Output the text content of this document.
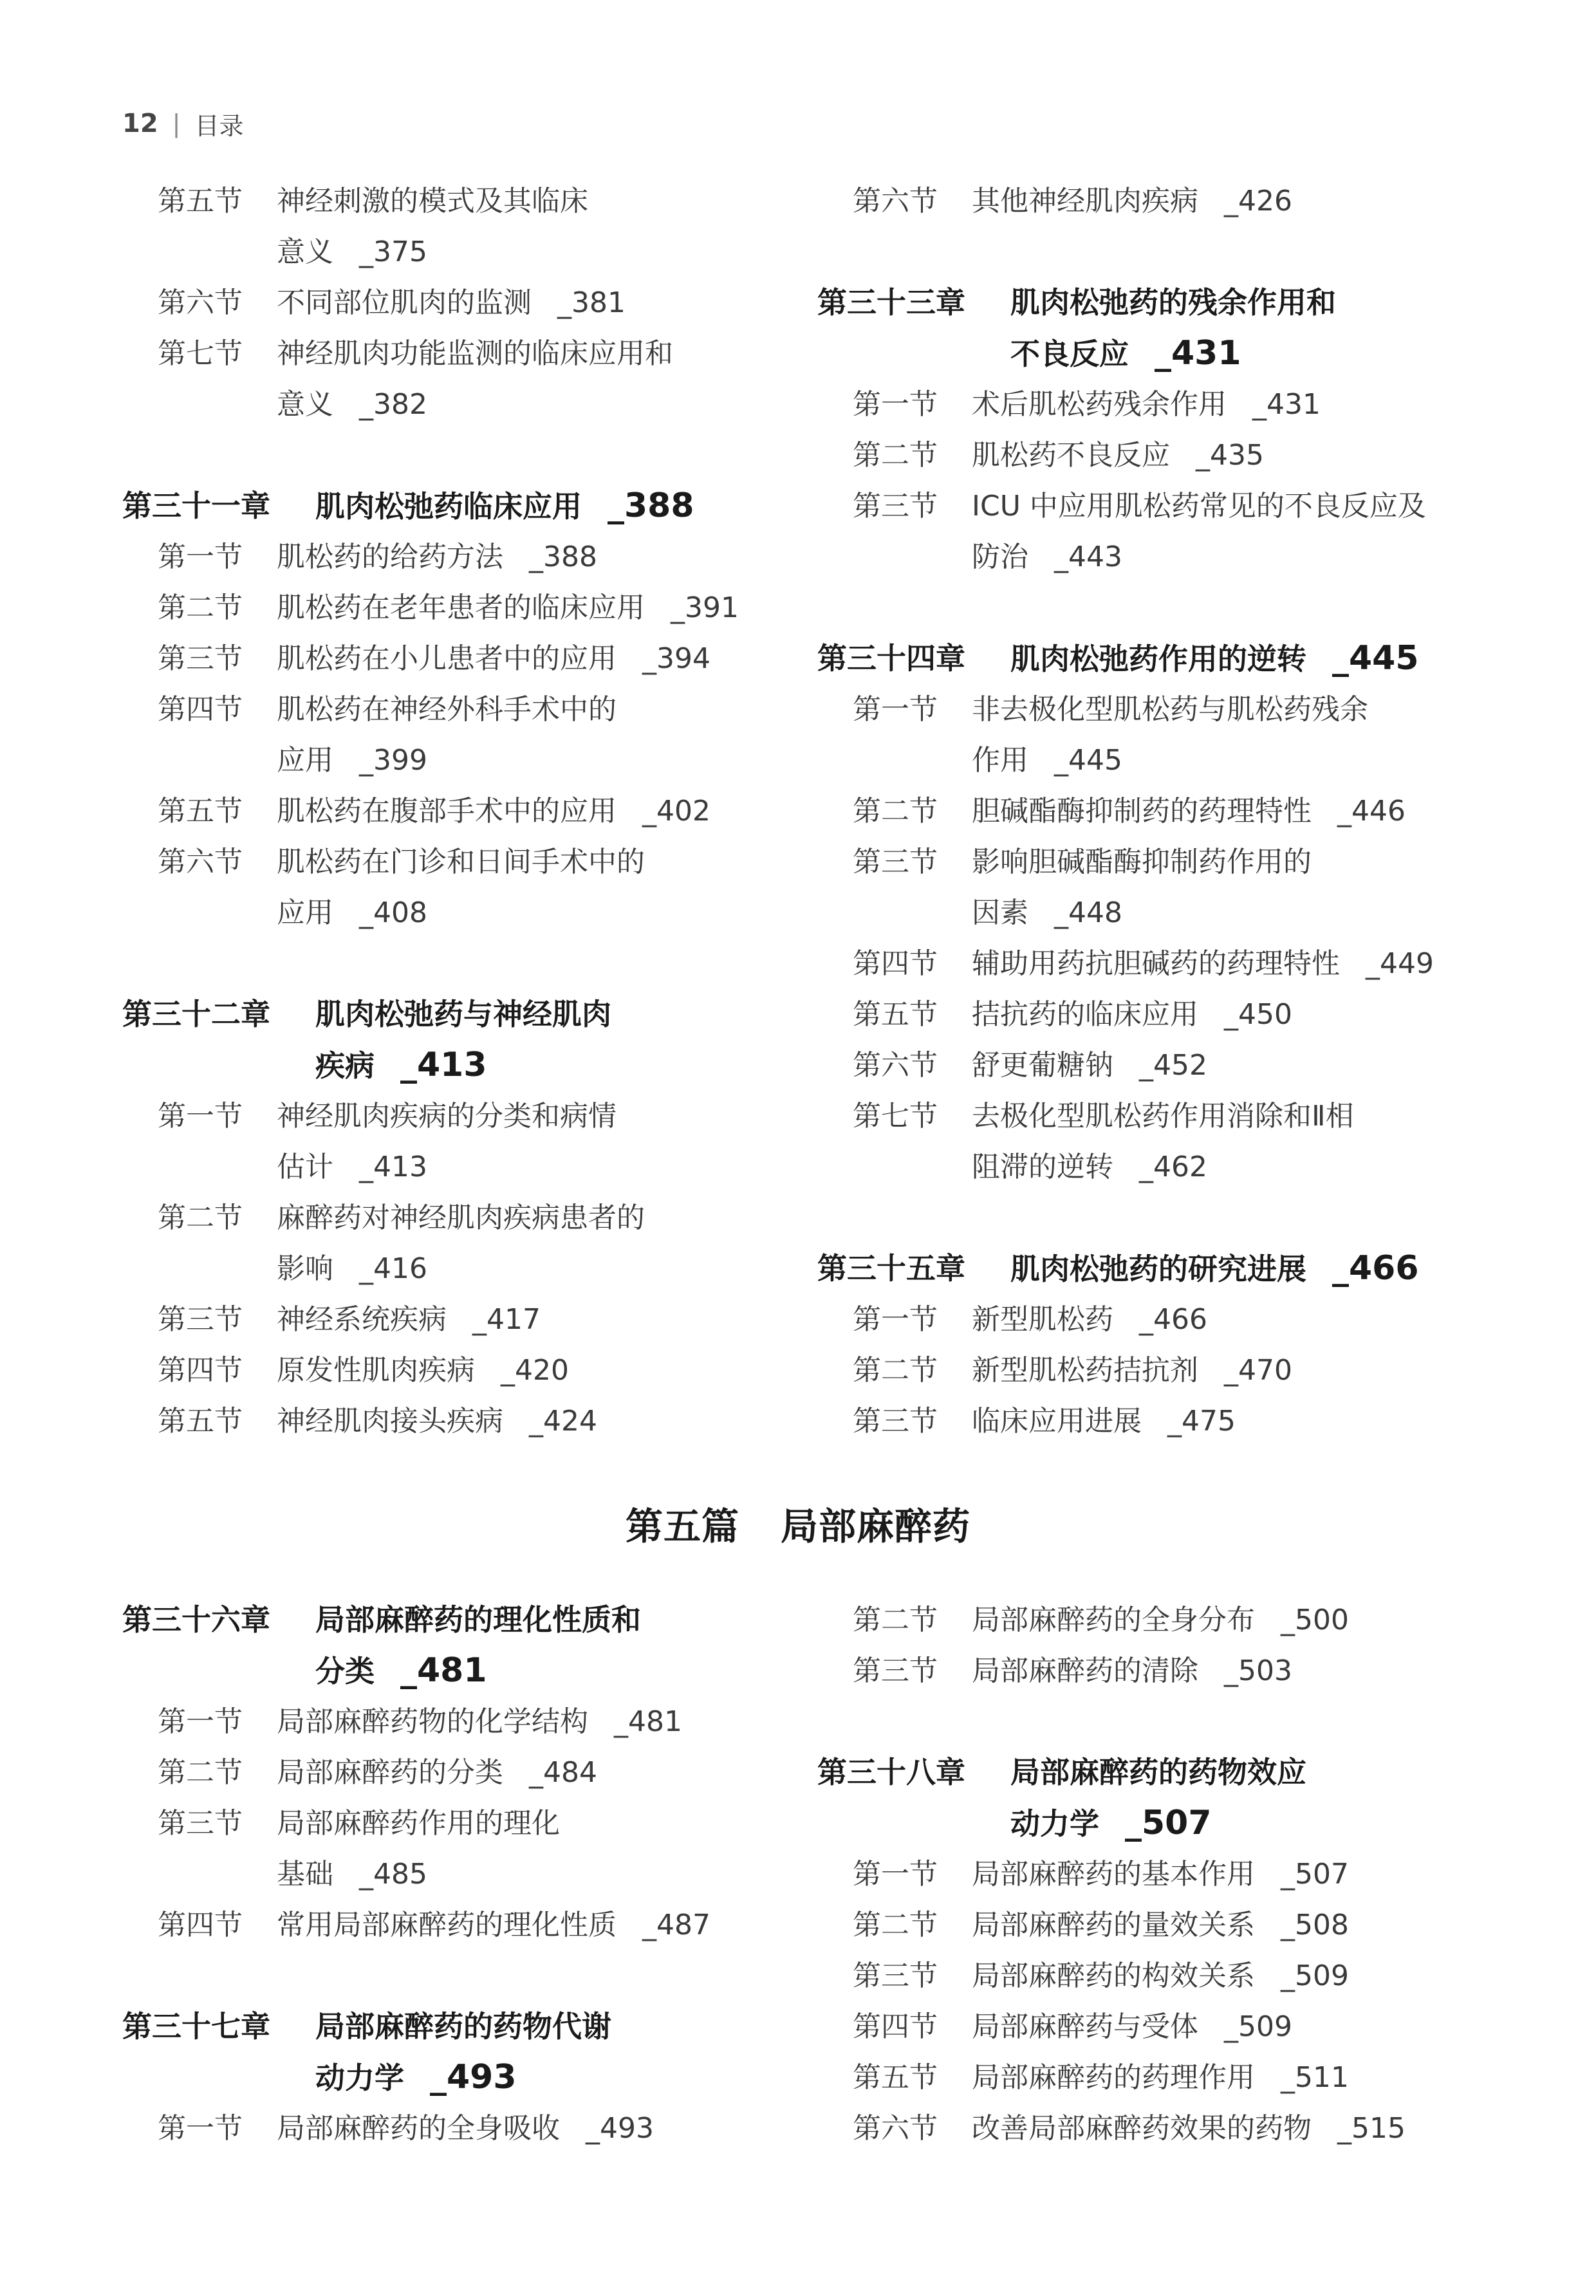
12 | 目录
第五节 神经刺激的模式及其临床
意义 _375
第六节 不同部位肌肉的监测 _381
第七节 神经肌肉功能监测的临床应用和
意义 _382
第三十一章 肌肉松弛药临床应用 _388
第一节 肌松药的给药方法 _388
第二节 肌松药在老年患者的临床应用 _391
第三节 肌松药在小儿患者中的应用 _394
第四节 肌松药在神经外科手术中的
应用 _399
第五节 肌松药在腹部手术中的应用 _402
第六节 肌松药在门诊和日间手术中的
应用 _408
第三十二章 肌肉松弛药与神经肌肉
疾病 _413
第一节 神经肌肉疾病的分类和病情
估计 _413
第二节 麻醉药对神经肌肉疾病患者的
影响 _416
第三节 神经系统疾病 _417
第四节 原发性肌肉疾病 _420
第五节 神经肌肉接头疾病 _424
第六节 其他神经肌肉疾病 _426
第三十三章 肌肉松弛药的残余作用和
不良反应 _431
第一节 术后肌松药残余作用 _431
第二节 肌松药不良反应 _435
第三节 ICU 中应用肌松药常见的不良反应及
防治 _443
第三十四章 肌肉松弛药作用的逆转 _445
第一节 非去极化型肌松药与肌松药残余
作用 _445
第二节 胆碱酯酶抑制药的药理特性 _446
第三节 影响胆碱酯酶抑制药作用的
因素 _448
第四节 辅助用药抗胆碱药的药理特性 _449
第五节 拮抗药的临床应用 _450
第六节 舒更葡糖钠 _452
第七节 去极化型肌松药作用消除和Ⅱ相
阻滞的逆转 _462
第三十五章 肌肉松弛药的研究进展 _466
第一节 新型肌松药 _466
第二节 新型肌松药拮抗剂 _470
第三节 临床应用进展 _475
第五篇 局部麻醉药
第三十六章 局部麻醉药的理化性质和
分类 _481
第一节 局部麻醉药物的化学结构 _481
第二节 局部麻醉药的分类 _484
第三节 局部麻醉药作用的理化
基础 _485
第四节 常用局部麻醉药的理化性质 _487
第三十七章 局部麻醉药的药物代谢
动力学 _493
第一节 局部麻醉药的全身吸收 _493
第二节 局部麻醉药的全身分布 _500
第三节 局部麻醉药的清除 _503
第三十八章 局部麻醉药的药物效应
动力学 _507
第一节 局部麻醉药的基本作用 _507
第二节 局部麻醉药的量效关系 _508
第三节 局部麻醉药的构效关系 _509
第四节 局部麻醉药与受体 _509
第五节 局部麻醉药的药理作用 _511
第六节 改善局部麻醉药效果的药物 _515
